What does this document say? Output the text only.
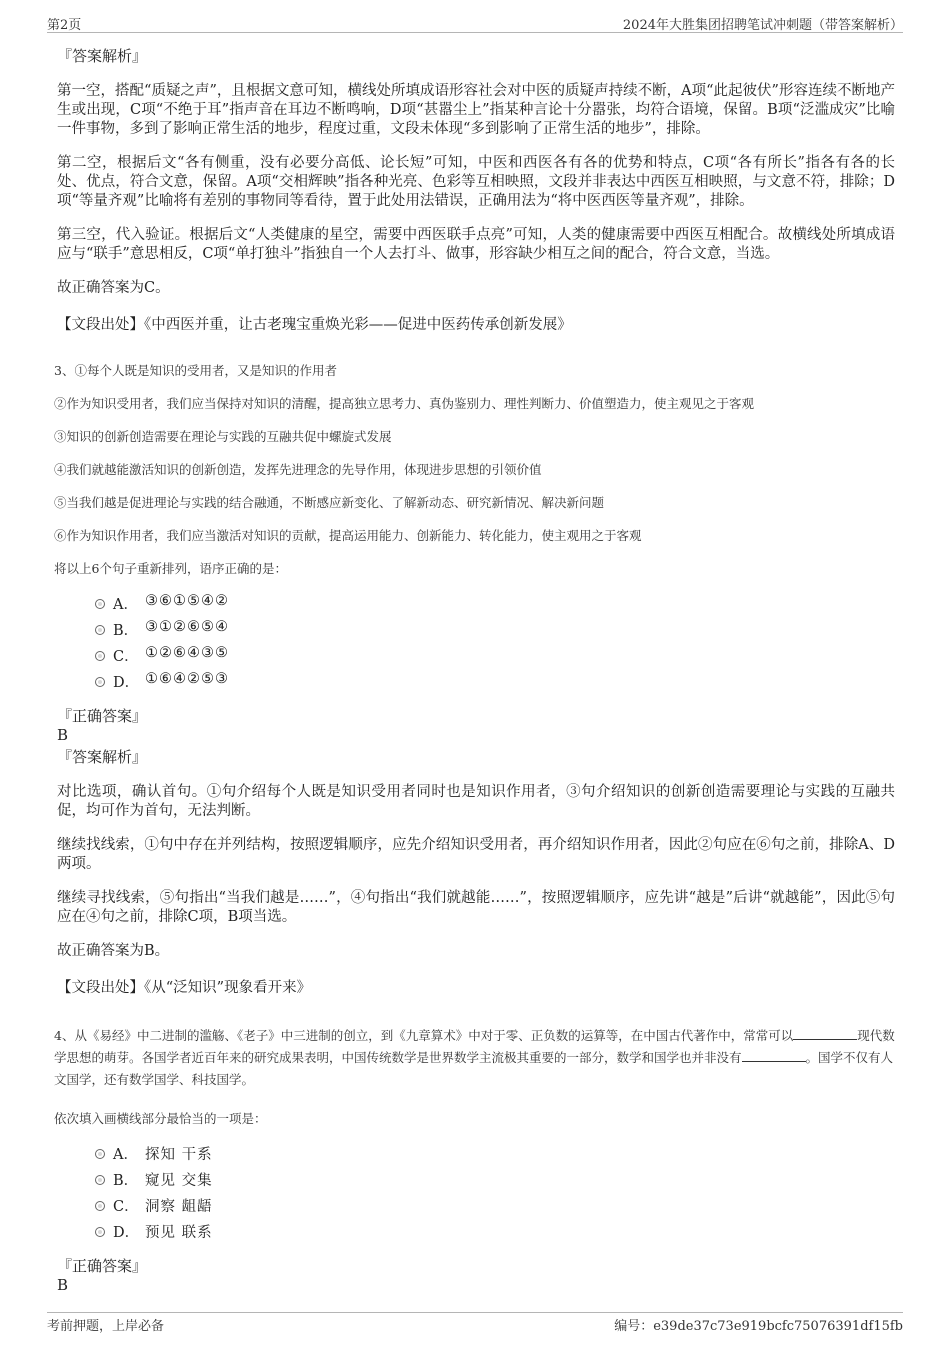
第2页	2024年大胜集团招聘笔试冲刺题（带答案解析）
『答案解析』

第一空，搭配“质疑之声”，且根据文意可知，横线处所填成语形容社会对中医的质疑声持续不断，A项“此起彼伏”形容连续不断地产生或出现，C项“不绝于耳”指声音在耳边不断鸣响，D项“甚嚣尘上”指某种言论十分嚣张，均符合语境，保留。B项“泛滥成灾”比喻一件事物，多到了影响正常生活的地步，程度过重，文段未体现“多到影响了正常生活的地步”，排除。

第二空，根据后文“各有侧重，没有必要分高低、论长短”可知，中医和西医各有各的优势和特点，C项“各有所长”指各有各的长处、优点，符合文意，保留。A项“交相辉映”指各种光亮、色彩等互相映照，文段并非表达中西医互相映照，与文意不符，排除；D项“等量齐观”比喻将有差别的事物同等看待，置于此处用法错误，正确用法为“将中医西医等量齐观”，排除。

第三空，代入验证。根据后文“人类健康的星空，需要中西医联手点亮”可知，人类的健康需要中西医互相配合。故横线处所填成语应与“联手”意思相反，C项“单打独斗”指独自一个人去打斗、做事，形容缺少相互之间的配合，符合文意，当选。

故正确答案为C。

【文段出处】《中西医并重，让古老瑰宝重焕光彩——促进中医药传承创新发展》

3、①每个人既是知识的受用者，又是知识的作用者

②作为知识受用者，我们应当保持对知识的清醒，提高独立思考力、真伪鉴别力、理性判断力、价值塑造力，使主观见之于客观

③知识的创新创造需要在理论与实践的互融共促中螺旋式发展

④我们就越能激活知识的创新创造，发挥先进理念的先导作用，体现进步思想的引领价值

⑤当我们越是促进理论与实践的结合融通，不断感应新变化、了解新动态、研究新情况、解决新问题

⑥作为知识作用者，我们应当激活对知识的贡献，提高运用能力、创新能力、转化能力，使主观用之于客观

将以上6个句子重新排列，语序正确的是：

A． ③⑥①⑤④②
B． ③①②⑥⑤④
C． ①②⑥④③⑤
D． ①⑥④②⑤③
『正确答案』
B
『答案解析』

对比选项，确认首句。①句介绍每个人既是知识受用者同时也是知识作用者，③句介绍知识的创新创造需要理论与实践的互融共促，均可作为首句，无法判断。

继续找线索，①句中存在并列结构，按照逻辑顺序，应先介绍知识受用者，再介绍知识作用者，因此②句应在⑥句之前，排除A、D两项。

继续寻找线索，⑤句指出“当我们越是……”，④句指出“我们就越能……”，按照逻辑顺序，应先讲“越是”后讲“就越能”，因此⑤句应在④句之前，排除C项，B项当选。

故正确答案为B。

【文段出处】《从“泛知识”现象看开来》

4、从《易经》中二进制的滥觞、《老子》中三进制的创立，到《九章算术》中对于零、正负数的运算等，在中国古代著作中，常常可以	现代数学思想的萌芽。各国学者近百年来的研究成果表明，中国传统数学是世界数学主流极其重要的一部分，数学和国学也并非没有	。国学不仅有人文国学，还有数学国学、科技国学。

依次填入画横线部分最恰当的一项是：

A． 探知 干系
B． 窥见 交集
C． 洞察 龃龉
D． 预见 联系
『正确答案』
B
考前押题，上岸必备	编号：e39de37c73e919bcfc75076391df15fb
